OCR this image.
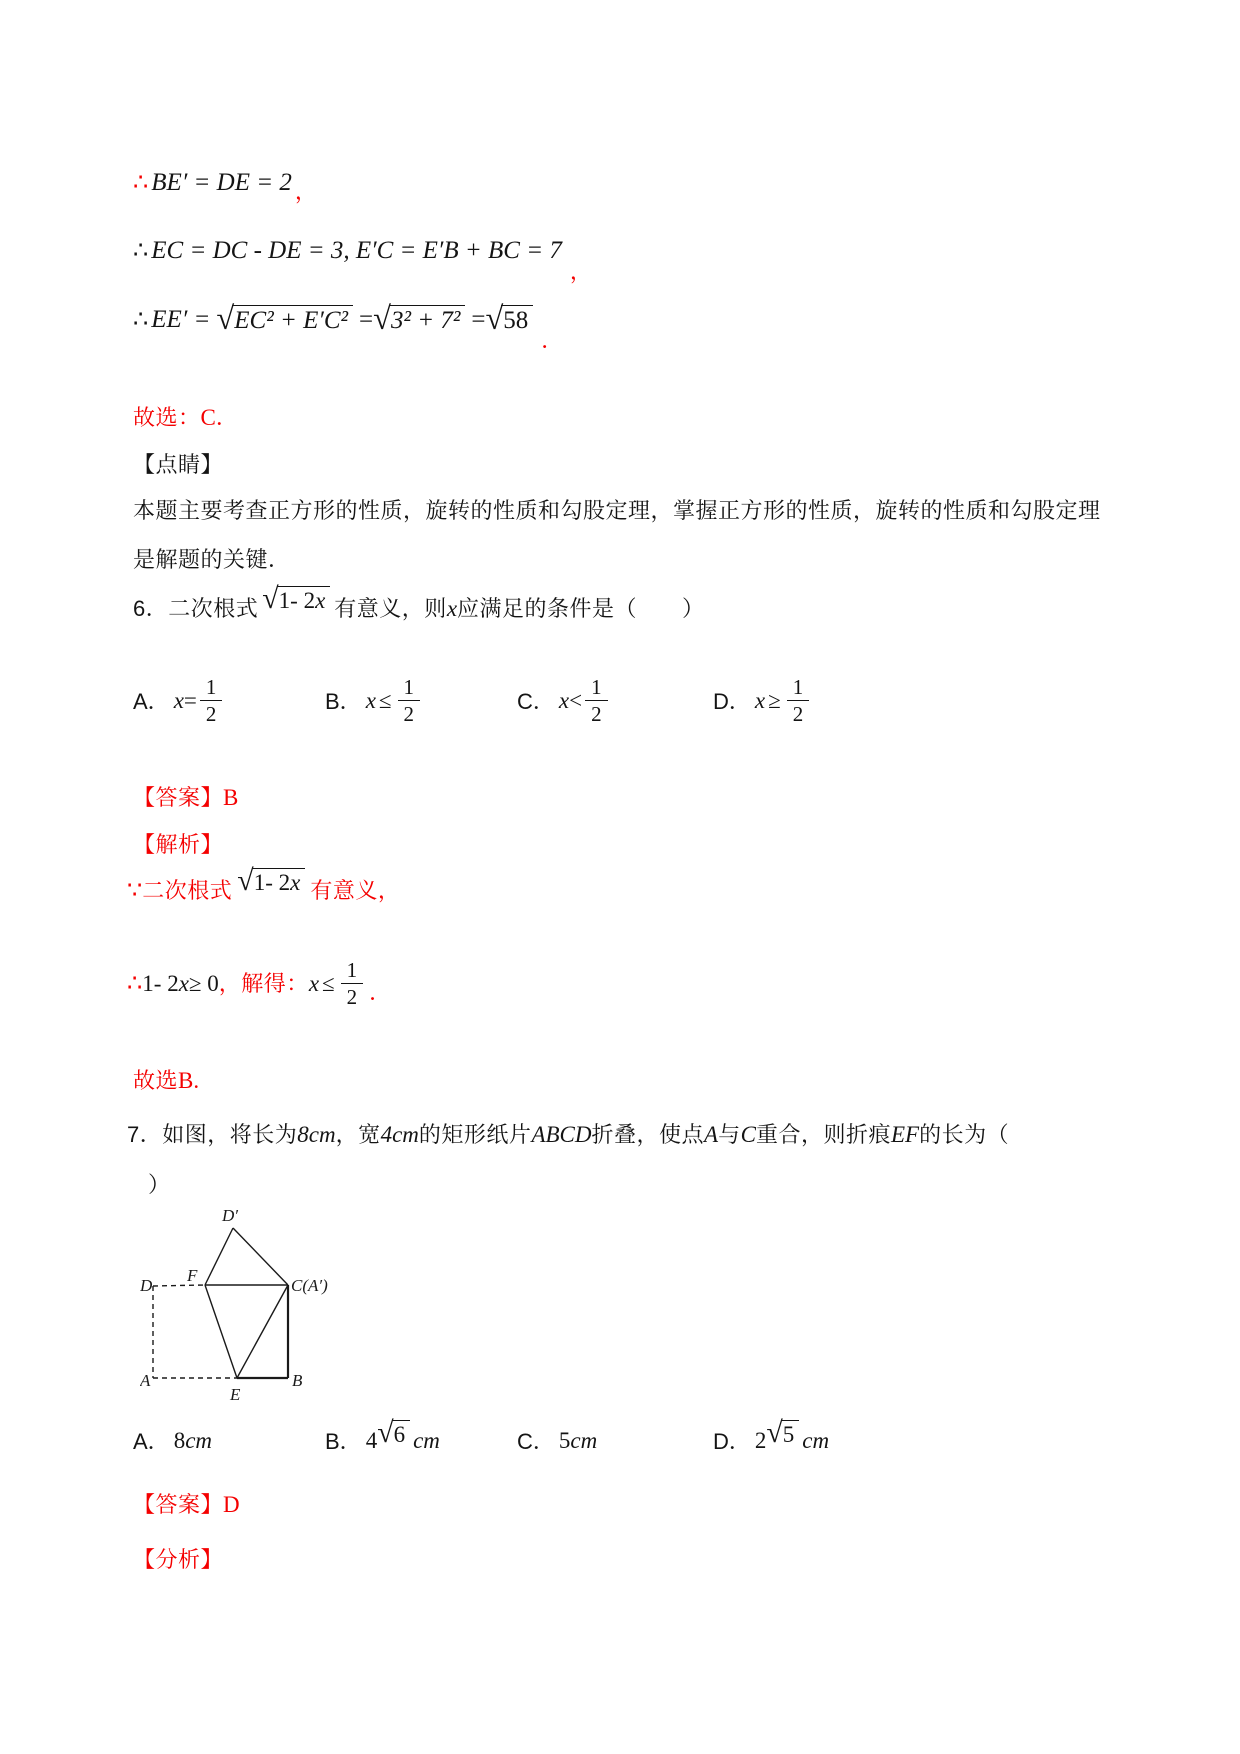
∴ BE′ = DE = 2 ，
∴ EC = DC - DE = 3, E′C = E′B + BC = 7
，
∴ EE′ = √ EC² + E′C² = √ 3² + 7² = √ 58
．
故选：C．
【点睛】
本题主要考查正方形的性质，旋转的性质和勾股定理，掌握正方形的性质，旋转的性质和勾股定理
是解题的关键．
6．二次根式 √ 1- 2x 有意义，则 x 应满足的条件是（　　）
A． $x = \frac{1}{2}$	B． $x \le \frac{1}{2}$	C． $x < \frac{1}{2}$	D． $x \ge \frac{1}{2}$
【答案】B
【解析】
∵ 二次根式 √ 1- 2x 有意义，
∴ 1- 2 x ≥ 0 ，解得： $x \le \frac{1}{2}$ ．
故选B.
7．如图，将长为8cm，宽4cm的矩形纸片ABCD折叠，使点A与C重合，则折痕EF的长为（
）
D′
F
D	C(A′)
A
E
B
A． 8 cm	B． 4 √ 6 cm	C． 5 cm	D． 2 √ 5 cm
【答案】D
【分析】
